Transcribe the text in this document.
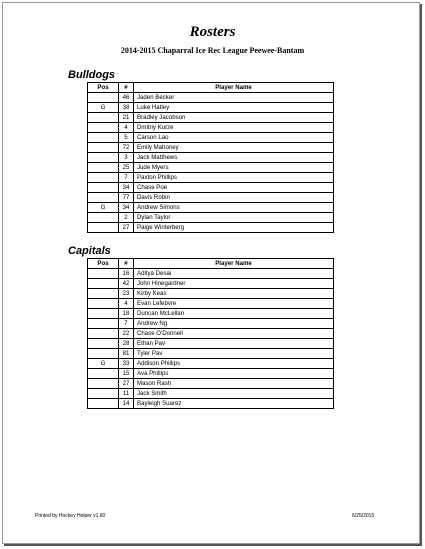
Rosters
2014-2015 Chaparral Ice Rec League Peewee-Bantam
Bulldogs
Pos	#	Player Name
	46	Jaden Becker
G	38	Luke Hatley
	21	Bradley Jacobson
	4	Dmitriy Kurze
	5	Carson Lao
	72	Emily Mahoney
	3	Jack Matthews
	25	Jude Myers
	7	Paxton Phillips
	34	Chase Poe
	77	Davis Robin
G	34	Andrew Simons
	2	Dylan Taylor
	27	Paige Winterberg
Capitals
Pos	#	Player Name
	16	Aditya Desai
	42	John Hinegardner
	23	Kirby Keas
	4	Evan Lefebvre
	18	Duncan McLellan
	7	Andrew Ng
	22	Chase O'Donnell
	28	Ethan Pav
	81	Tyler Pav
G	33	Addison Phillips
	15	Ava Phillips
	27	Mason Rash
	11	Jack Smith
	14	Bayleigh Suarez
Printed by Hockey Helper v1.60	6/25/2015
